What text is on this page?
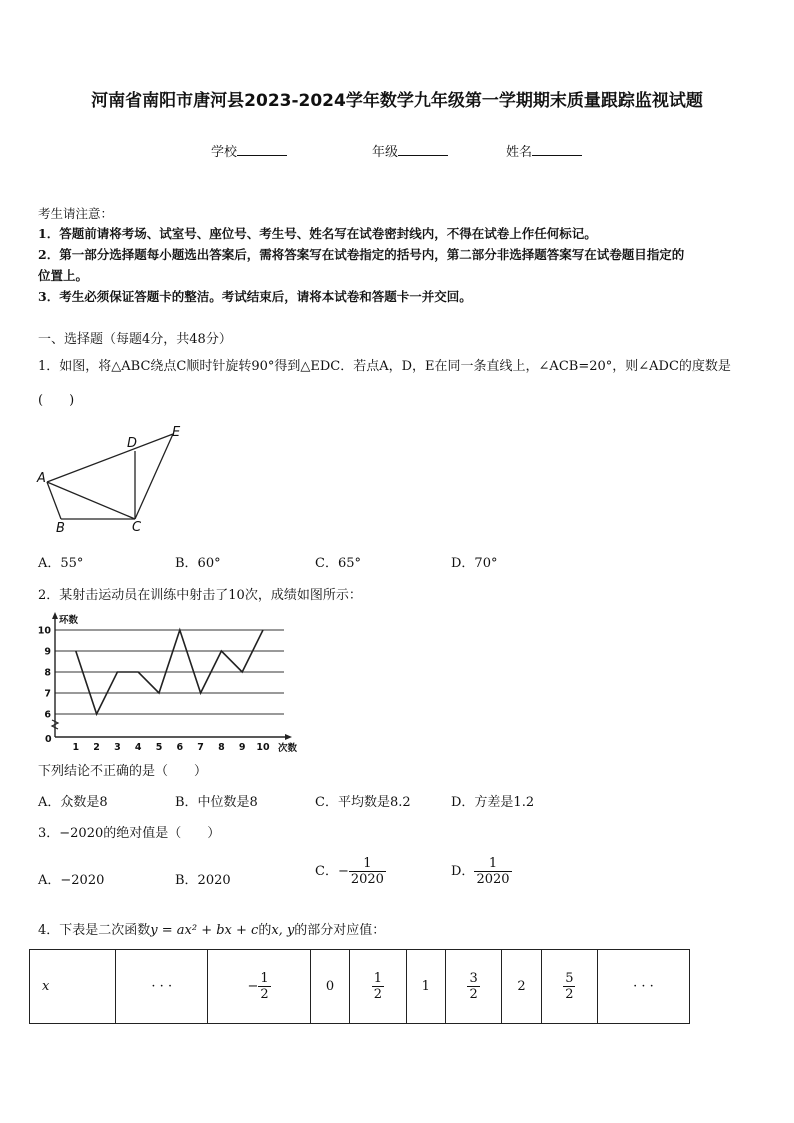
河南省南阳市唐河县2023-2024学年数学九年级第一学期期末质量跟踪监视试题
学校	年级	姓名
考生请注意：
1．答题前请将考场、试室号、座位号、考生号、姓名写在试卷密封线内，不得在试卷上作任何标记。
2．第一部分选择题每小题选出答案后，需将答案写在试卷指定的括号内，第二部分非选择题答案写在试卷题目指定的
位置上。
3．考生必须保证答题卡的整洁。考试结束后，请将本试卷和答题卡一并交回。
一、选择题（每题4分，共48分）
1．如图，将△ABC绕点C顺时针旋转90°得到△EDC．若点A，D，E在同一条直线上，∠ACB=20°，则∠ADC的度数是
(　　)
A
B	C
D
E
A．55°	B．60°	C．65°	D．70°
2．某射击运动员在训练中射击了10次，成绩如图所示：
6
7
8
9
10
1 2 3 4 5 6 7 8 9 10
环数
次数
0
下列结论不正确的是（　　）
A．众数是8	B．中位数是8	C．平均数是8.2	D．方差是1.2
3．−2020的绝对值是（　　）
A．−2020	B．2020
C．− $\frac{1}{2020}$	D． $\frac{1}{2020}$
4．下表是二次函数y = ax² + bx + c的x, y的部分对应值：
x	· · ·	− $\frac{1}{2}$	0	$\frac{1}{2}$	1	$\frac{3}{2}$	2	$\frac{5}{2}$	· · ·
